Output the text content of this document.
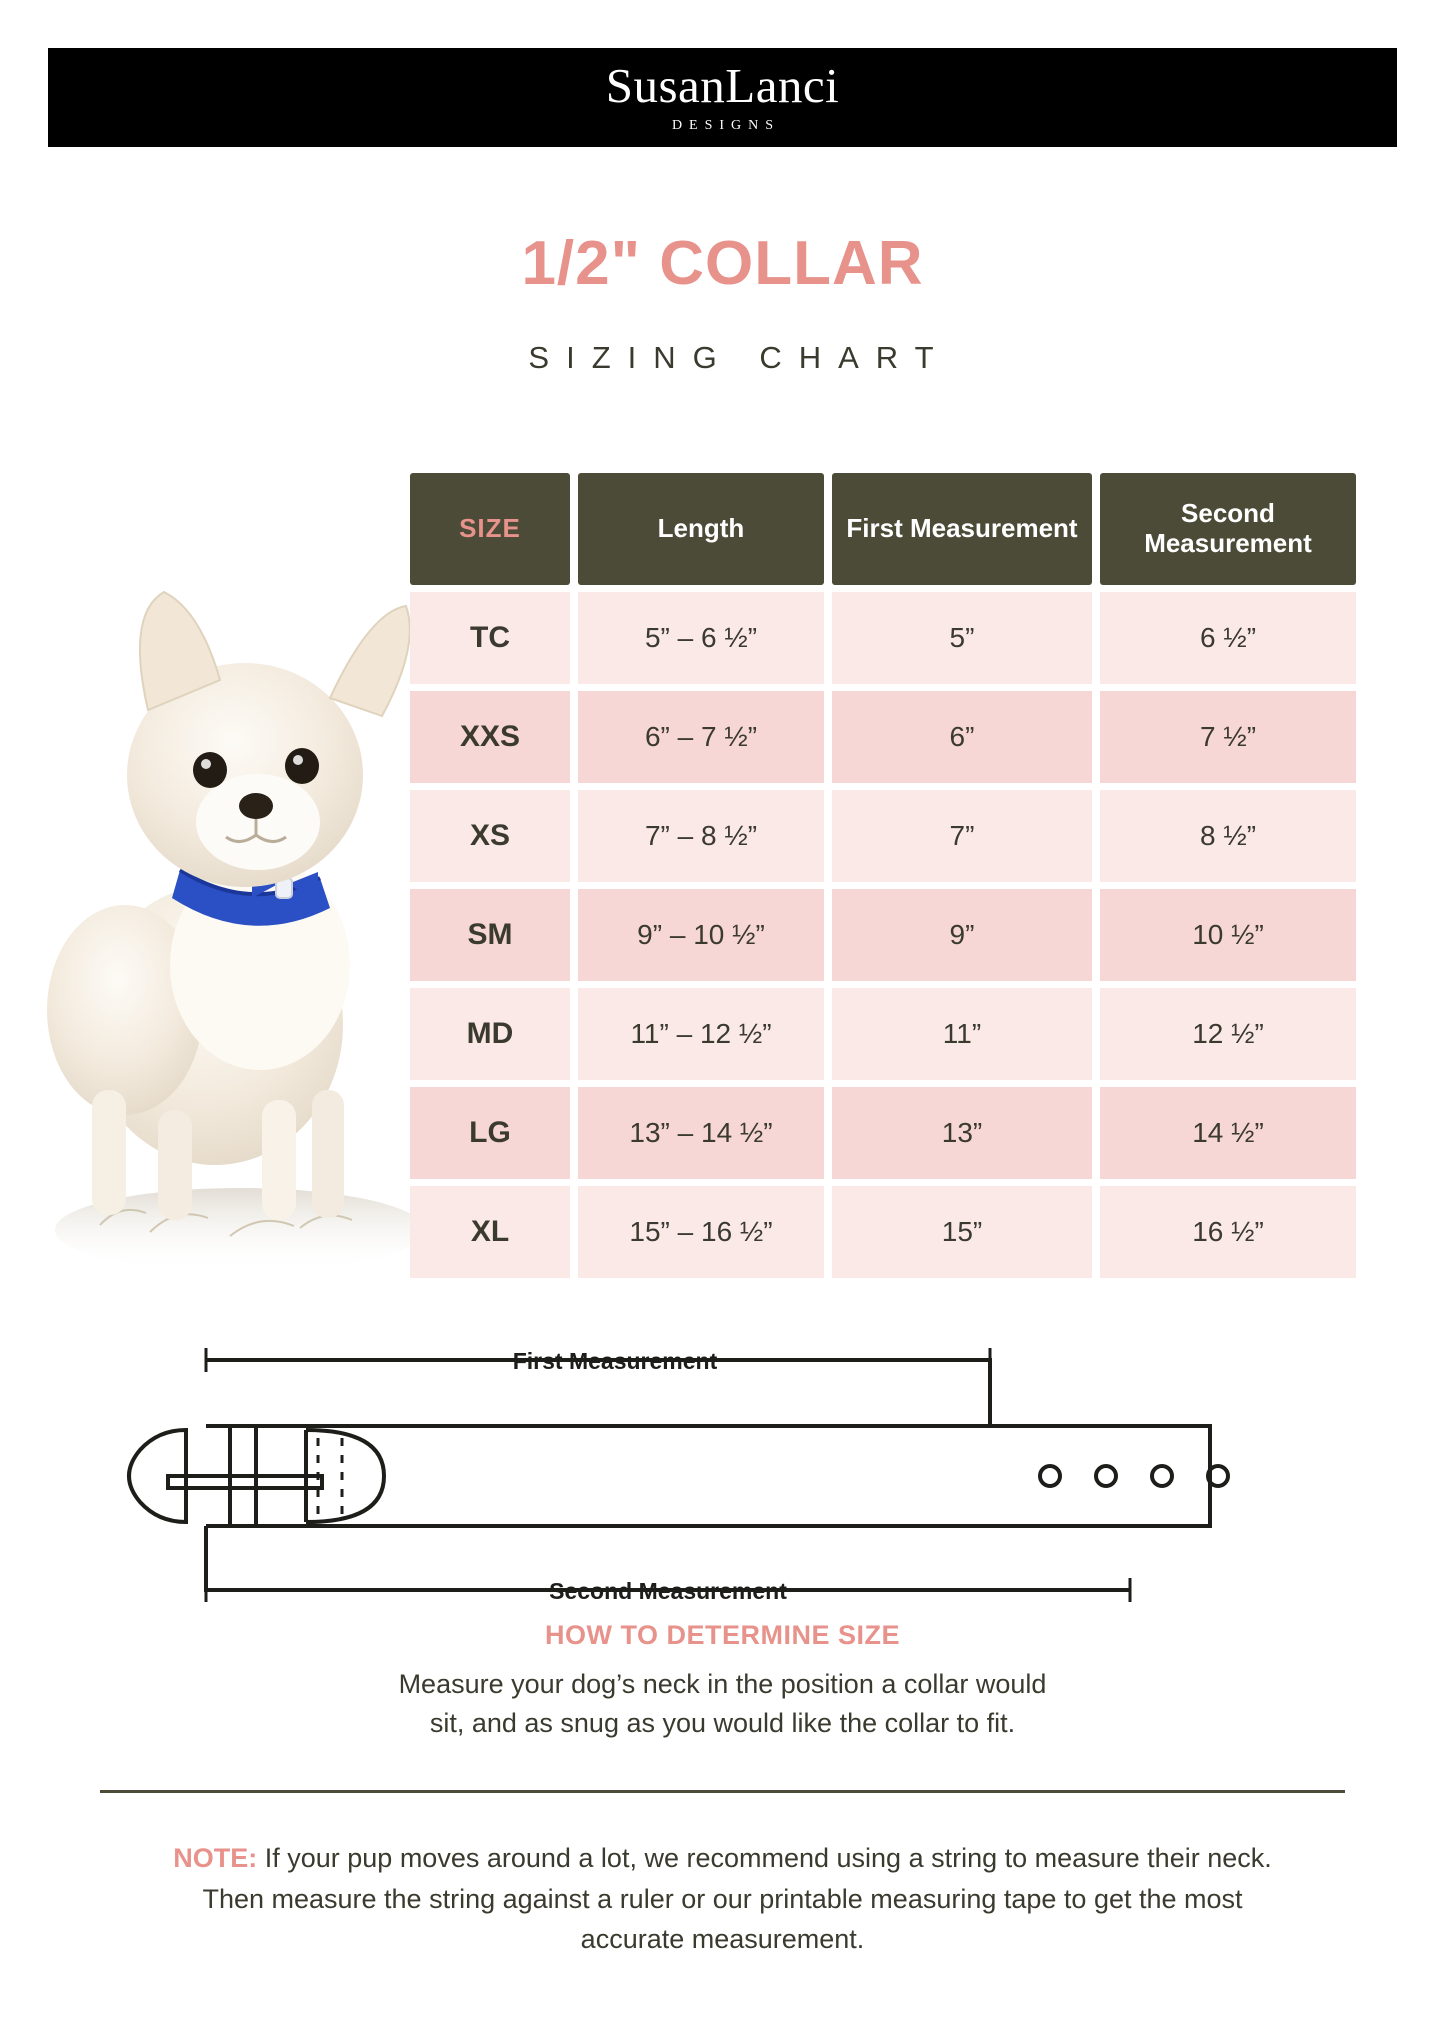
SusanLanci
DESIGNS
1/2" COLLAR
SIZING CHART
SIZE	Length	First Measurement	Second Measurement
TC	5” – 6 ½”	5”	6 ½”
XXS	6” – 7 ½”	6”	7 ½”
XS	7” – 8 ½”	7”	8 ½”
SM	9” – 10 ½”	9”	10 ½”
MD	11” – 12 ½”	11”	12 ½”
LG	13” – 14 ½”	13”	14 ½”
XL	15” – 16 ½”	15”	16 ½”
First Measurement
Second Measurement
HOW TO DETERMINE SIZE
Measure your dog’s neck in the position a collar would
sit, and as snug as you would like the collar to fit.
NOTE: If your pup moves around a lot, we recommend using a string to measure their neck. Then measure the string against a ruler or our printable measuring tape to get the most accurate measurement.
